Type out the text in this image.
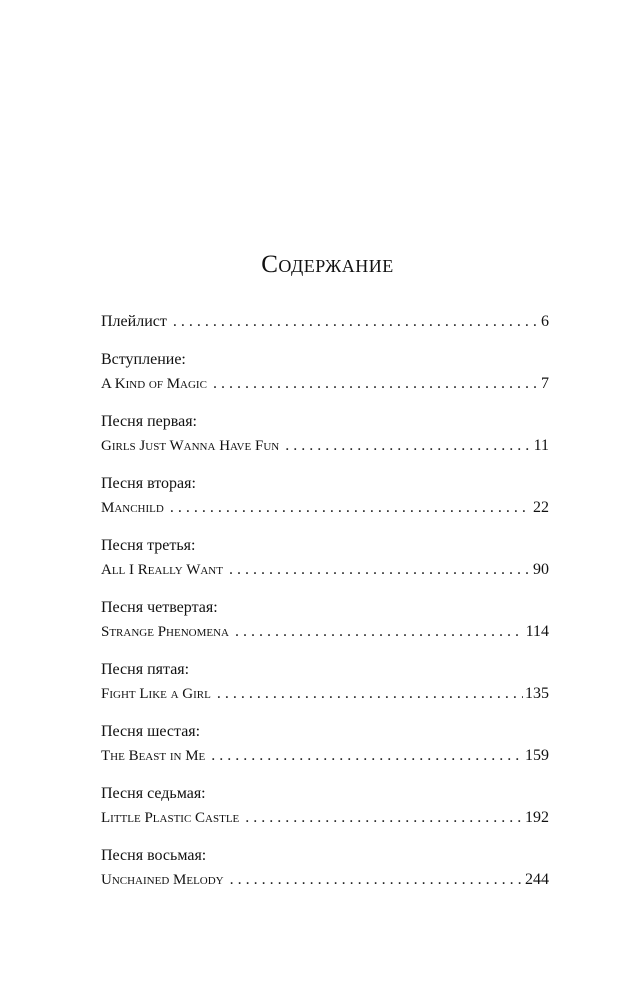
Содержание
Плейлист . . .	6
Вступление:
A Kind of Magic . . .	7
Песня первая:
Girls Just Wanna Have Fun . . .	11
Песня вторая:
Manchild . . .	22
Песня третья:
All I Really Want . . .	90
Песня четвертая:
Strange Phenomena . . .	114
Песня пятая:
Fight Like a Girl . . .	135
Песня шестая:
The Beast in Me . . .	159
Песня седьмая:
Little Plastic Castle . . .	192
Песня восьмая:
Unchained Melody . . .	244
